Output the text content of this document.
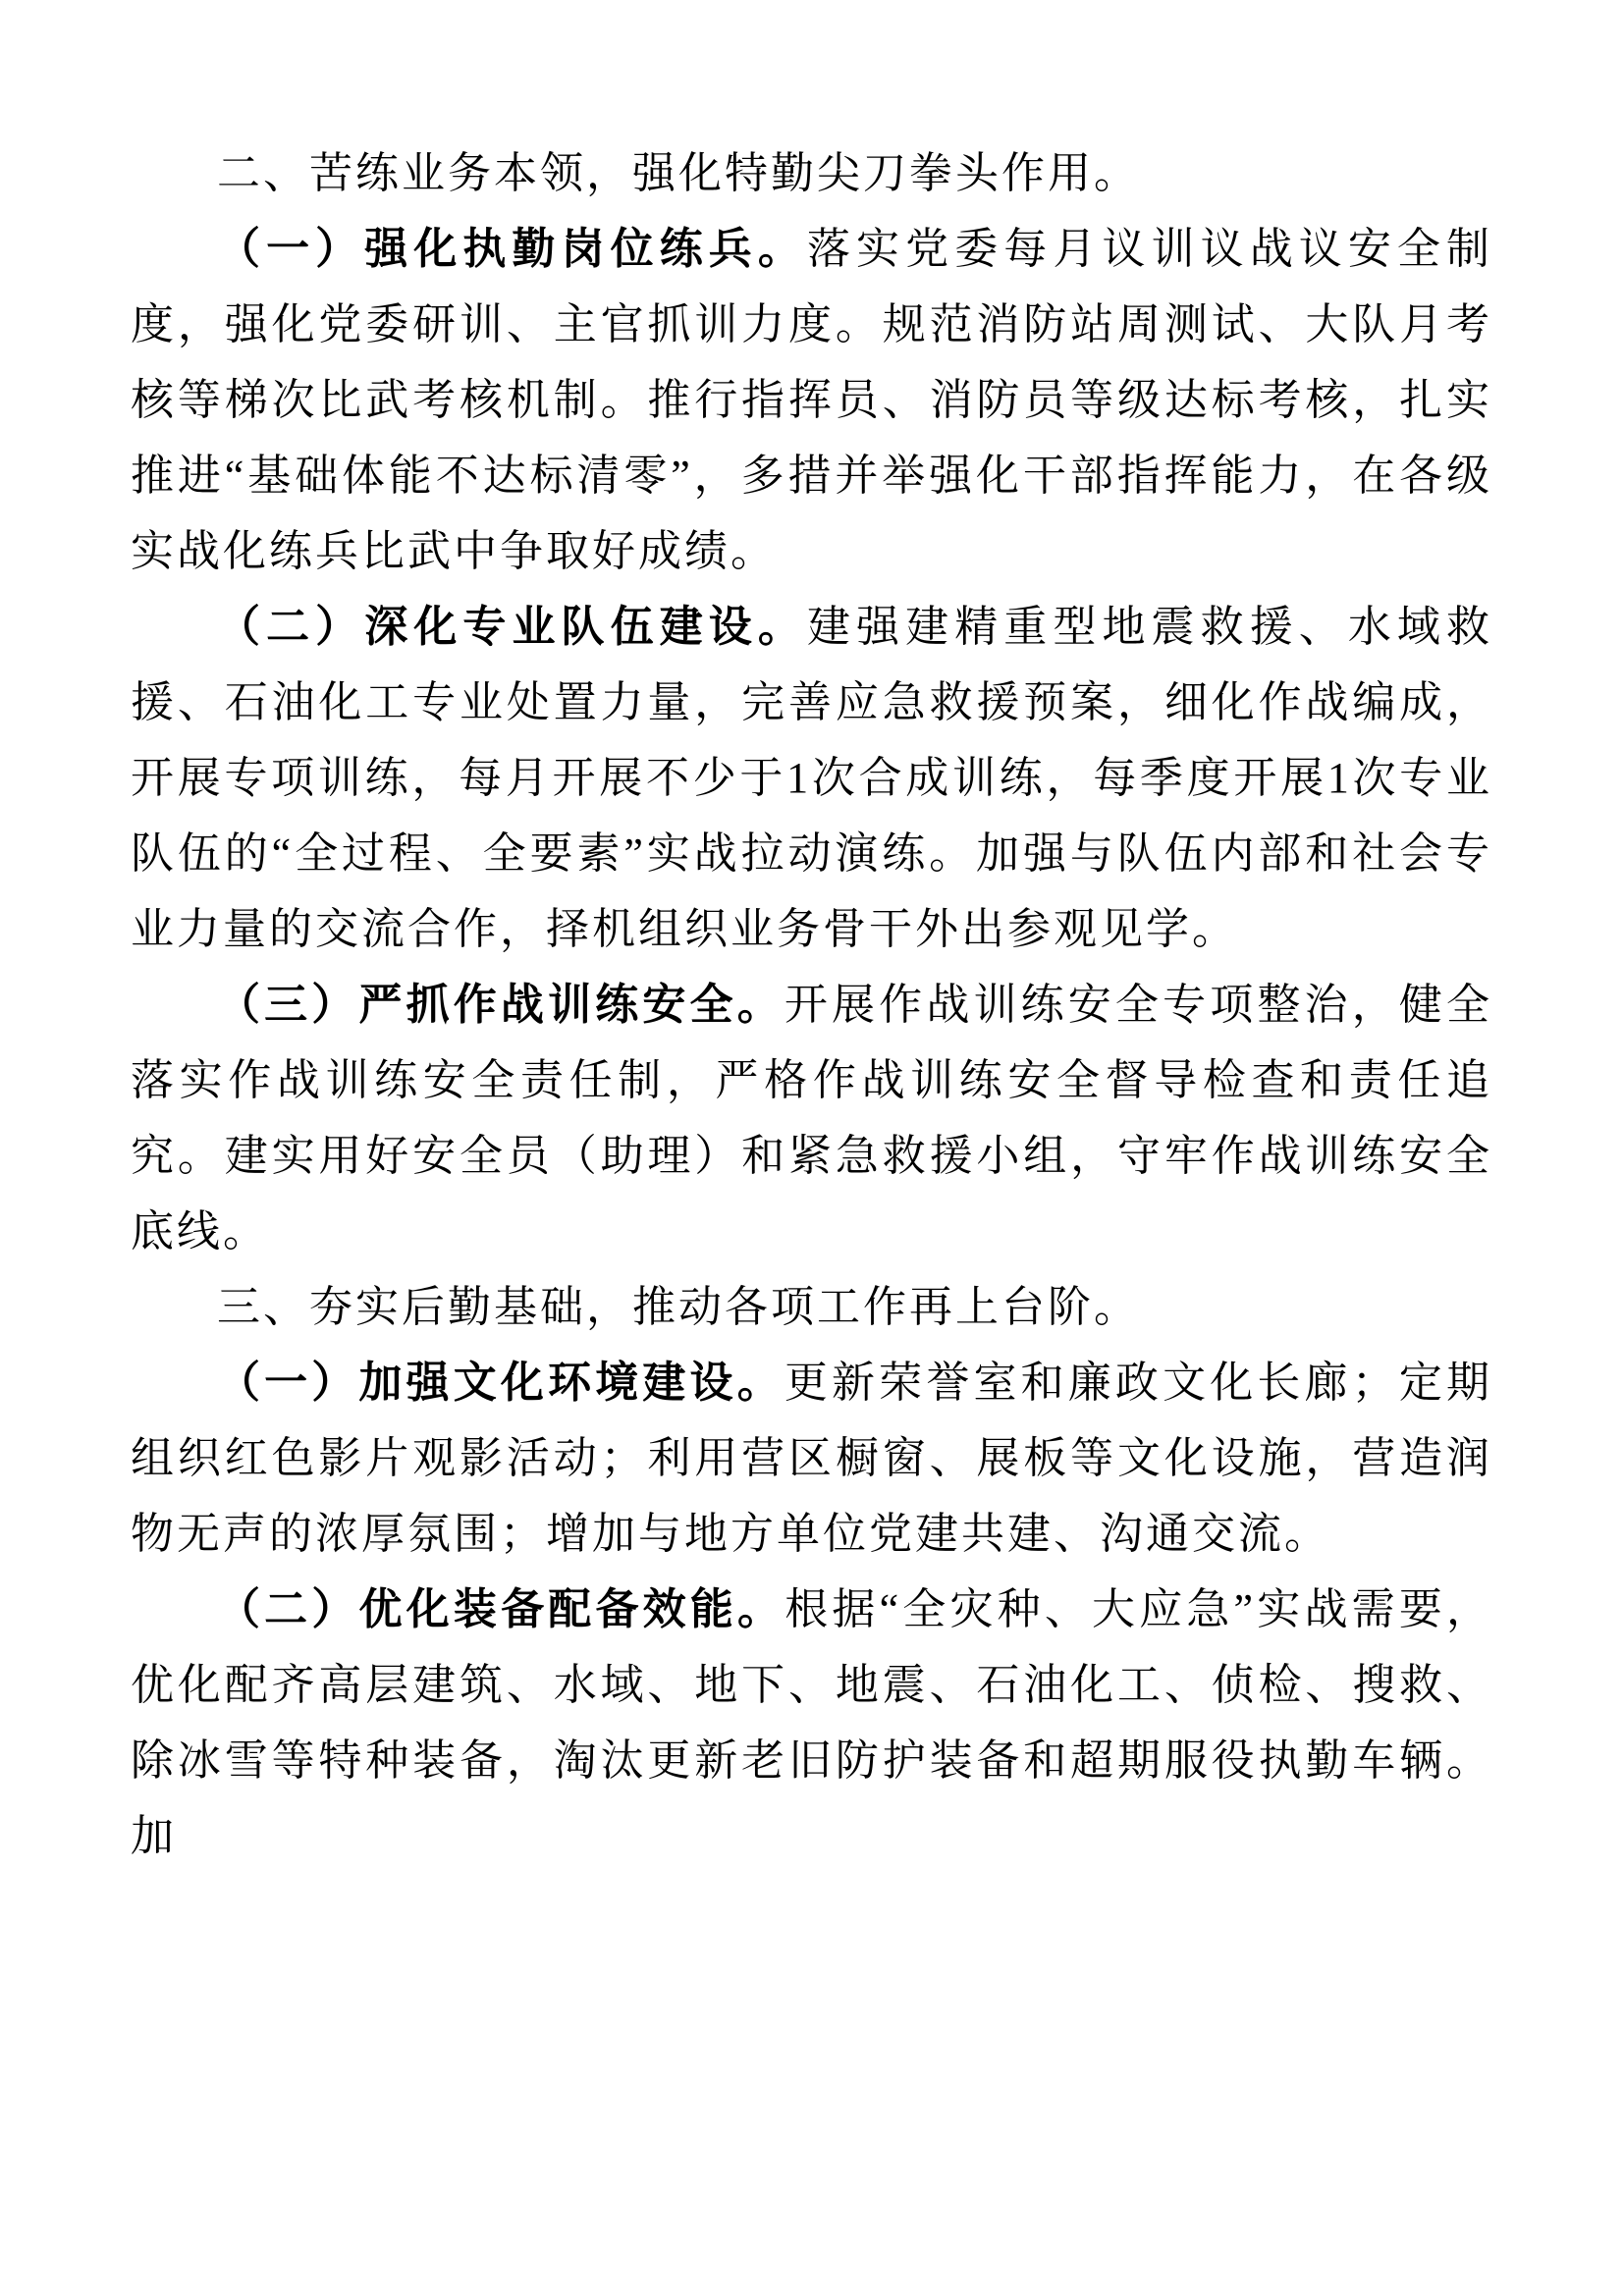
二、苦练业务本领，强化特勤尖刀拳头作用。

（一）强化执勤岗位练兵。落实党委每月议训议战议安全制度，强化党委研训、主官抓训力度。规范消防站周测试、大队月考核等梯次比武考核机制。推行指挥员、消防员等级达标考核，扎实推进“基础体能不达标清零”，多措并举强化干部指挥能力，在各级实战化练兵比武中争取好成绩。

（二）深化专业队伍建设。建强建精重型地震救援、水域救援、石油化工专业处置力量，完善应急救援预案，细化作战编成，开展专项训练，每月开展不少于1次合成训练，每季度开展1次专业队伍的“全过程、全要素”实战拉动演练。加强与队伍内部和社会专业力量的交流合作，择机组织业务骨干外出参观见学。

（三）严抓作战训练安全。开展作战训练安全专项整治，健全落实作战训练安全责任制，严格作战训练安全督导检查和责任追究。建实用好安全员（助理）和紧急救援小组，守牢作战训练安全底线。

三、夯实后勤基础，推动各项工作再上台阶。

（一）加强文化环境建设。更新荣誉室和廉政文化长廊；定期组织红色影片观影活动；利用营区橱窗、展板等文化设施，营造润物无声的浓厚氛围；增加与地方单位党建共建、沟通交流。

（二）优化装备配备效能。根据“全灾种、大应急”实战需要，优化配齐高层建筑、水域、地下、地震、石油化工、侦检、搜救、除冰雪等特种装备，淘汰更新老旧防护装备和超期服役执勤车辆。加
